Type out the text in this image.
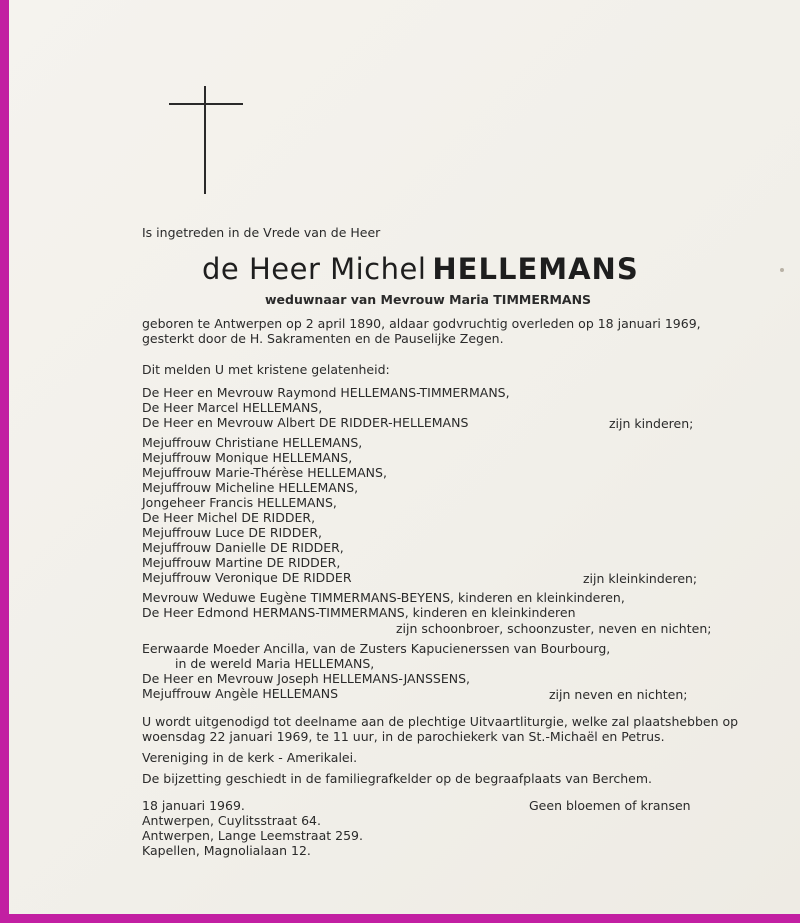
Is ingetreden in de Vrede van de Heer
de Heer Michel HELLEMANS
weduwnaar van Mevrouw Maria TIMMERMANS
geboren te Antwerpen op 2 april 1890, aldaar godvruchtig overleden op 18 januari 1969,
gesterkt door de H. Sakramenten en de Pauselijke Zegen.
Dit melden U met kristene gelatenheid:
De Heer en Mevrouw Raymond HELLEMANS-TIMMERMANS,
De Heer Marcel HELLEMANS,
De Heer en Mevrouw Albert DE RIDDER-HELLEMANS	zijn kinderen;
Mejuffrouw Christiane HELLEMANS,
Mejuffrouw Monique HELLEMANS,
Mejuffrouw Marie-Thérèse HELLEMANS,
Mejuffrouw Micheline HELLEMANS,
Jongeheer Francis HELLEMANS,
De Heer Michel DE RIDDER,
Mejuffrouw Luce DE RIDDER,
Mejuffrouw Danielle DE RIDDER,
Mejuffrouw Martine DE RIDDER,
Mejuffrouw Veronique DE RIDDER	zijn kleinkinderen;
Mevrouw Weduwe Eugène TIMMERMANS-BEYENS, kinderen en kleinkinderen,
De Heer Edmond HERMANS-TIMMERMANS, kinderen en kleinkinderen
zijn schoonbroer, schoonzuster, neven en nichten;
Eerwaarde Moeder Ancilla, van de Zusters Kapucienerssen van Bourbourg,
in de wereld Maria HELLEMANS,
De Heer en Mevrouw Joseph HELLEMANS-JANSSENS,
Mejuffrouw Angèle HELLEMANS	zijn neven en nichten;
U wordt uitgenodigd tot deelname aan de plechtige Uitvaartliturgie, welke zal plaatshebben op
woensdag 22 januari 1969, te 11 uur, in de parochiekerk van St.-Michaël en Petrus.
Vereniging in de kerk - Amerikalei.
De bijzetting geschiedt in de familiegrafkelder op de begraafplaats van Berchem.
18 januari 1969.	Geen bloemen of kransen
Antwerpen, Cuylitsstraat 64.
Antwerpen, Lange Leemstraat 259.
Kapellen, Magnolialaan 12.
